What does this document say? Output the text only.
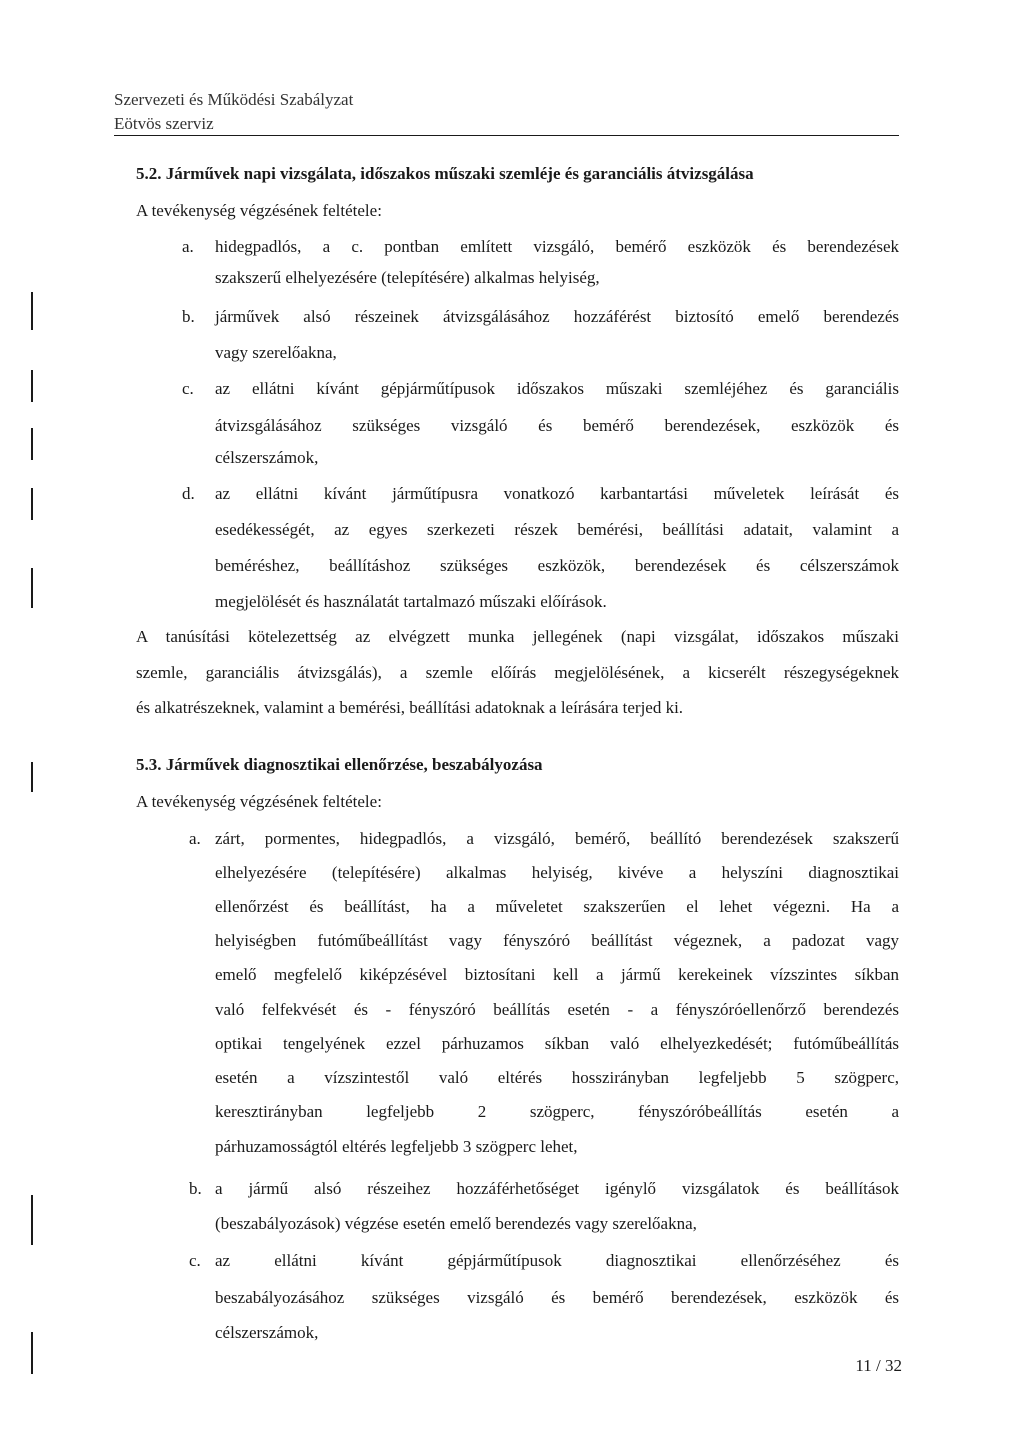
Szervezeti és Működési Szabályzat
Eötvös szerviz
5.2. Járművek napi vizsgálata, időszakos műszaki szemléje és garanciális átvizsgálása
A tevékenység végzésének feltétele:
a. hidegpadlós, a c. pontban említett vizsgáló, bemérő eszközök és berendezések
szakszerű elhelyezésére (telepítésére) alkalmas helyiség,
b. járművek alsó részeinek átvizsgálásához hozzáférést biztosító emelő berendezés
vagy szerelőakna,
c. az ellátni kívánt gépjárműtípusok időszakos műszaki szemléjéhez és garanciális
átvizsgálásához szükséges vizsgáló és bemérő berendezések, eszközök és
célszerszámok,
d. az ellátni kívánt járműtípusra vonatkozó karbantartási műveletek leírását és
esedékességét, az egyes szerkezeti részek bemérési, beállítási adatait, valamint a
beméréshez, beállításhoz szükséges eszközök, berendezések és célszerszámok
megjelölését és használatát tartalmazó műszaki előírások.
A tanúsítási kötelezettség az elvégzett munka jellegének (napi vizsgálat, időszakos műszaki
szemle, garanciális átvizsgálás), a szemle előírás megjelölésének, a kicserélt részegységeknek
és alkatrészeknek, valamint a bemérési, beállítási adatoknak a leírására terjed ki.
5.3. Járművek diagnosztikai ellenőrzése, beszabályozása
A tevékenység végzésének feltétele:
a. zárt, pormentes, hidegpadlós, a vizsgáló, bemérő, beállító berendezések szakszerű
elhelyezésére (telepítésére) alkalmas helyiség, kivéve a helyszíni diagnosztikai
ellenőrzést és beállítást, ha a műveletet szakszerűen el lehet végezni. Ha a
helyiségben futóműbeállítást vagy fényszóró beállítást végeznek, a padozat vagy
emelő megfelelő kiképzésével biztosítani kell a jármű kerekeinek vízszintes síkban
való felfekvését és - fényszóró beállítás esetén - a fényszóróellenőrző berendezés
optikai tengelyének ezzel párhuzamos síkban való elhelyezkedését; futóműbeállítás
esetén a vízszintestől való eltérés hosszirányban legfeljebb 5 szögperc,
keresztirányban legfeljebb 2 szögperc, fényszóróbeállítás esetén a
párhuzamosságtól eltérés legfeljebb 3 szögperc lehet,
b. a jármű alsó részeihez hozzáférhetőséget igénylő vizsgálatok és beállítások
(beszabályozások) végzése esetén emelő berendezés vagy szerelőakna,
c. az ellátni kívánt gépjárműtípusok diagnosztikai ellenőrzéséhez és
beszabályozásához szükséges vizsgáló és bemérő berendezések, eszközök és
célszerszámok,
11 / 32
